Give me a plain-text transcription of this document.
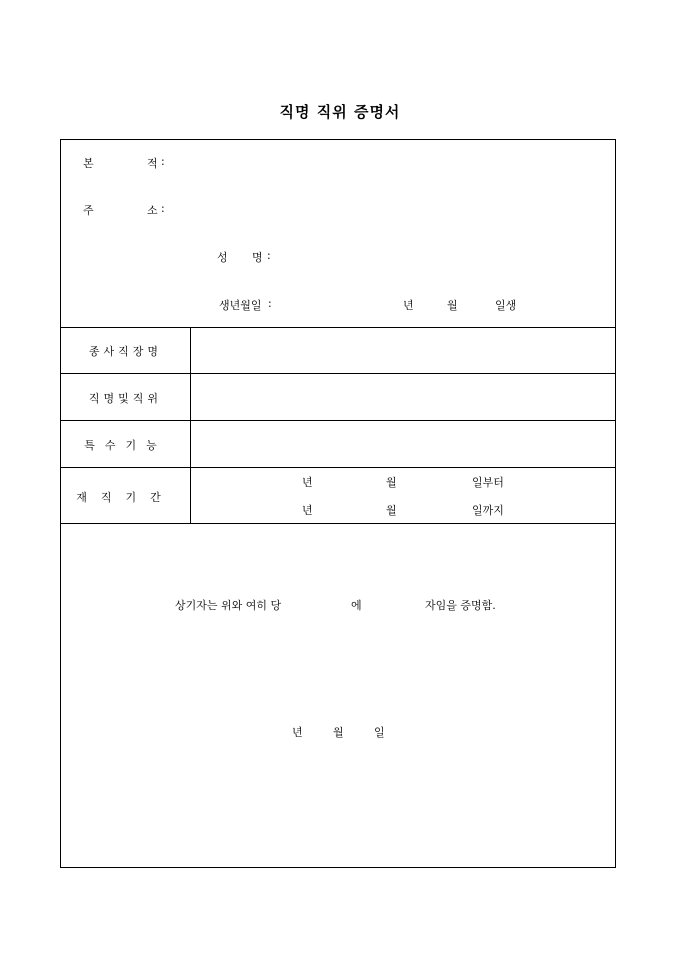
직명 직위 증명서
본	적 :
주	소 :
성 명 :
생년월일 :	년	월	일생
종사직장명
직명및직위
특수기능
재직기간
년	월	일부터
년	월	일까지
상기자는 위와 여히 당	에	자임을 증명함.
년	월	일
